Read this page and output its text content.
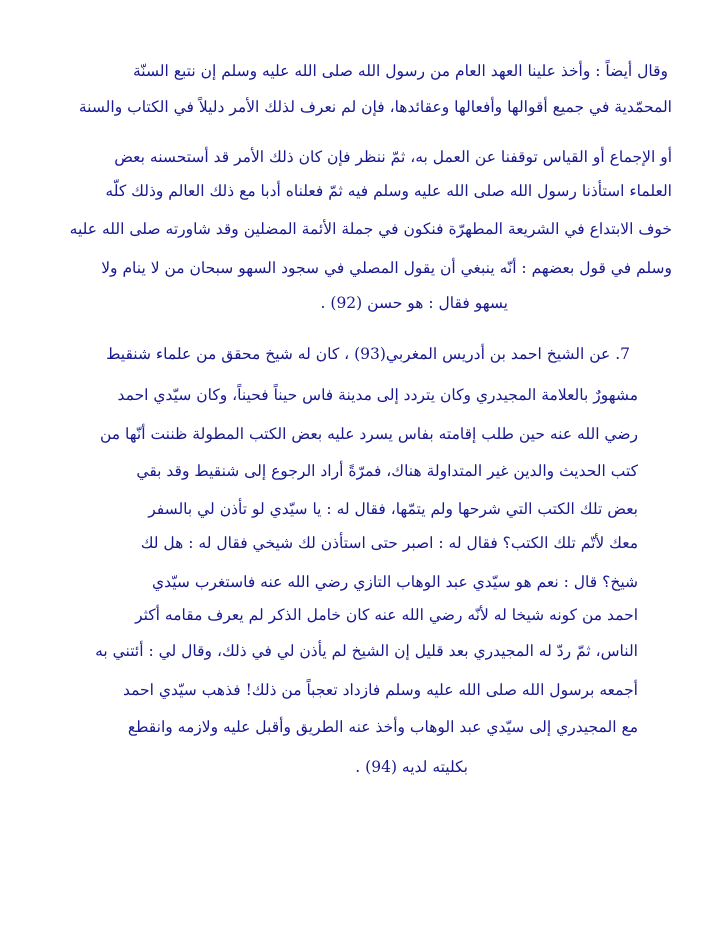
وقال أيضاً : وأخذ علينا العهد العام من رسول الله صلى الله عليه وسلم إن نتبع السنّة
المحمّدية في جميع أقوالها وأفعالها وعقائدها، فإن لم نعرف لذلك الأمر دليلاً في الكتاب والسنة
أو الإجماع أو القياس توقفنا عن العمل به، ثمّ ننظر فإن كان ذلك الأمر قد أستحسنه بعض
العلماء استأذنا رسول الله صلى الله عليه وسلم فيه ثمّ فعلناه أدبا مع ذلك العالم وذلك كلّه
خوف الابتداع في الشريعة المطهرّة فنكون في جملة الأئمة المضلين وقد شاورته صلى الله عليه
وسلم في قول بعضهم : أنّه ينبغي أن يقول المصلي في سجود السهو سبحان من لا ينام ولا
يسهو فقال : هو حسن (92) .
7. عن الشيخ احمد بن أدريس المغربي(93) ، كان له شيخ محقق من علماء شنقيط
مشهورٌ بالعلامة المجيدري وكان يتردد إلى مدينة فاس حيناً فحيناً، وكان سيّدي احمد
رضي الله عنه حين طلب إقامته بفاس يسرد عليه بعض الكتب المطولة ظننت أنّها من
كتب الحديث والدين غير المتداولة هناك، فمرّةً أراد الرجوع إلى شنقيط وقد بقي
بعض تلك الكتب التي شرحها ولم يتمّها، فقال له : يا سيّدي لو تأذن لي بالسفر
معك لأتّم تلك الكتب؟ فقال له : اصبر حتى استأذن لك شيخي فقال له : هل لك
شيخ؟ قال : نعم هو سيّدي عبد الوهاب التازي رضي الله عنه فاستغرب سيّدي
احمد من كونه شيخا له لأنّه رضي الله عنه كان خامل الذكر لم يعرف مقامه أكثر
الناس، ثمّ ردّ له المجيدري بعد قليل إن الشيخ لم يأذن لي في ذلك، وقال لي : أئتني به
أجمعه برسول الله صلى الله عليه وسلم فازداد تعجباً من ذلك! فذهب سيّدي احمد
مع المجيدري إلى سيّدي عبد الوهاب وأخذ عنه الطريق وأقبل عليه ولازمه وانقطع
بكليته لديه (94) .
